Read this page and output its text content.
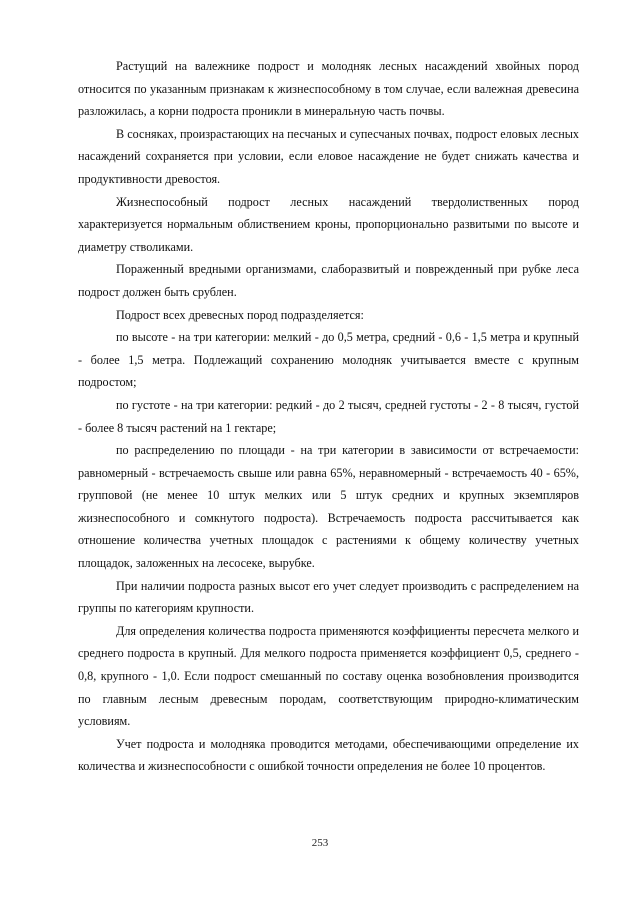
Растущий на валежнике подрост и молодняк лесных насаждений хвойных пород относится по указанным признакам к жизнеспособному в том случае, если валежная древесина разложилась, а корни подроста проникли в минеральную часть почвы.

В сосняках, произрастающих на песчаных и супесчаных почвах, подрост еловых лесных насаждений сохраняется при условии, если еловое насаждение не будет снижать качества и продуктивности древостоя.

Жизнеспособный подрост лесных насаждений твердолиственных пород характеризуется нормальным облиствением кроны, пропорционально развитыми по высоте и диаметру стволиками.

Пораженный вредными организмами, слаборазвитый и поврежденный при рубке леса подрост должен быть срублен.

Подрост всех древесных пород подразделяется:

по высоте - на три категории: мелкий - до 0,5 метра, средний - 0,6 - 1,5 метра и крупный - более 1,5 метра. Подлежащий сохранению молодняк учитывается вместе с крупным подростом;

по густоте - на три категории: редкий - до 2 тысяч, средней густоты - 2 - 8 тысяч, густой - более 8 тысяч растений на 1 гектаре;

по распределению по площади - на три категории в зависимости от встречаемости: равномерный - встречаемость свыше или равна 65%, неравномерный - встречаемость 40 - 65%, групповой (не менее 10 штук мелких или 5 штук средних и крупных экземпляров жизнеспособного и сомкнутого подроста). Встречаемость подроста рассчитывается как отношение количества учетных площадок с растениями к общему количеству учетных площадок, заложенных на лесосеке, вырубке.

При наличии подроста разных высот его учет следует производить с распределением на группы по категориям крупности.

Для определения количества подроста применяются коэффициенты пересчета мелкого и среднего подроста в крупный. Для мелкого подроста применяется коэффициент 0,5, среднего - 0,8, крупного - 1,0. Если подрост смешанный по составу оценка возобновления производится по главным лесным древесным породам, соответствующим природно-климатическим условиям.

Учет подроста и молодняка проводится методами, обеспечивающими определение их количества и жизнеспособности с ошибкой точности определения не более 10 процентов.

253
